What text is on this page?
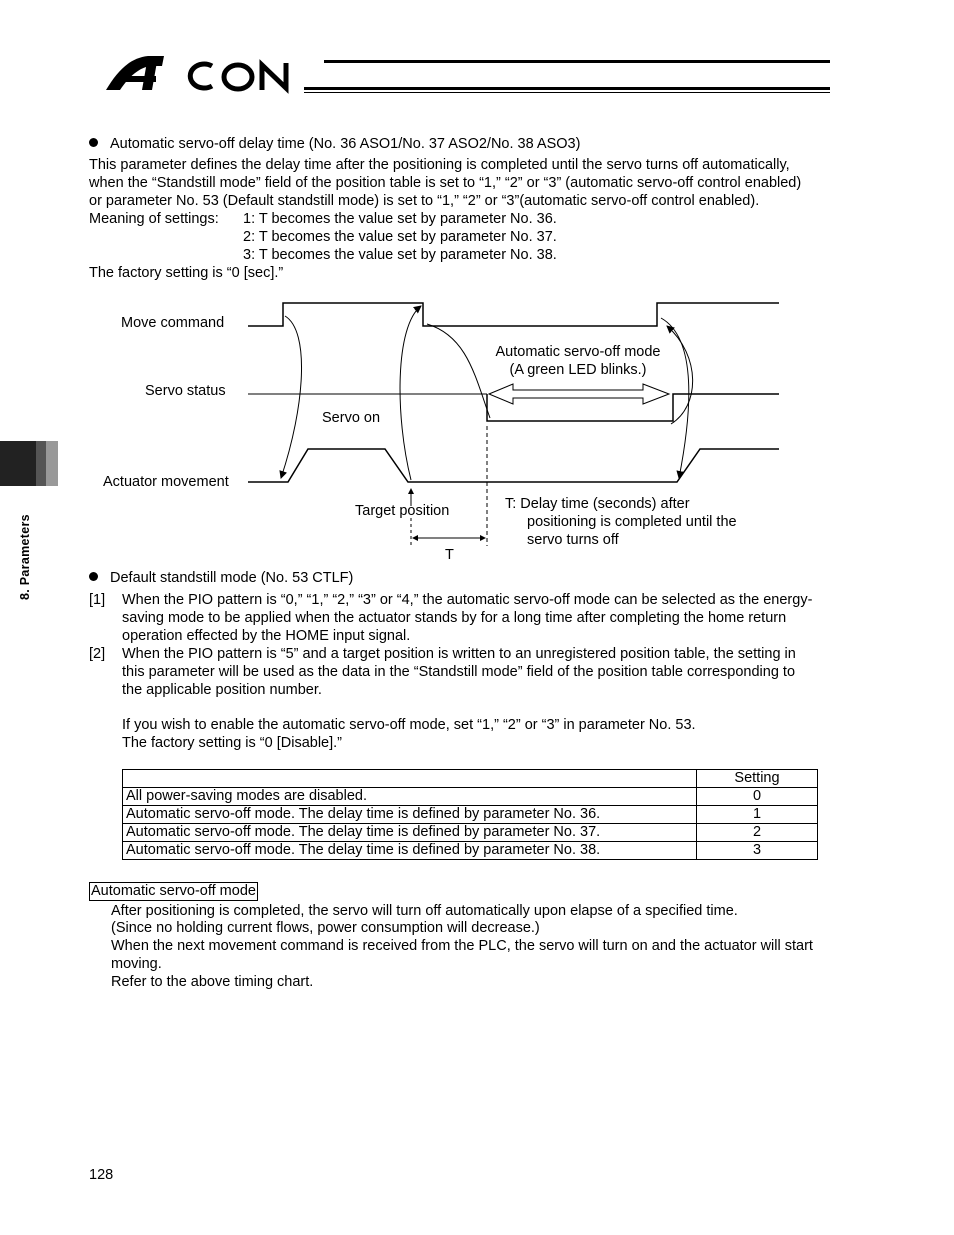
8. Parameters
Automatic servo-off delay time (No. 36 ASO1/No. 37 ASO2/No. 38 ASO3)
This parameter defines the delay time after the positioning is completed until the servo turns off automatically,
when the “Standstill mode” field of the position table is set to “1,” “2” or “3” (automatic servo-off control enabled)
or parameter No. 53 (Default standstill mode) is set to “1,” “2” or “3”(automatic servo-off control enabled).
Meaning of settings: 1: T becomes the value set by parameter No. 36.
2: T becomes the value set by parameter No. 37.
3: T becomes the value set by parameter No. 38.
The factory setting is “0 [sec].”
Move command
Servo status
Actuator movement
Servo on
Automatic servo-off mode
(A green LED blinks.)
Target position
T
T: Delay time (seconds) after
positioning is completed until the
servo turns off
Default standstill mode (No. 53 CTLF)
[1] When the PIO pattern is “0,” “1,” “2,” “3” or “4,” the automatic servo-off mode can be selected as the energy-
saving mode to be applied when the actuator stands by for a long time after completing the home return
operation effected by the HOME input signal.
[2] When the PIO pattern is “5” and a target position is written to an unregistered position table, the setting in
this parameter will be used as the data in the “Standstill mode” field of the position table corresponding to
the applicable position number.
If you wish to enable the automatic servo-off mode, set “1,” “2” or “3” in parameter No. 53.
The factory setting is “0 [Disable].”
	Setting
All power-saving modes are disabled.	0
Automatic servo-off mode. The delay time is defined by parameter No. 36.	1
Automatic servo-off mode. The delay time is defined by parameter No. 37.	2
Automatic servo-off mode. The delay time is defined by parameter No. 38.	3
Automatic servo-off mode
After positioning is completed, the servo will turn off automatically upon elapse of a specified time.
(Since no holding current flows, power consumption will decrease.)
When the next movement command is received from the PLC, the servo will turn on and the actuator will start
moving.
Refer to the above timing chart.
128
